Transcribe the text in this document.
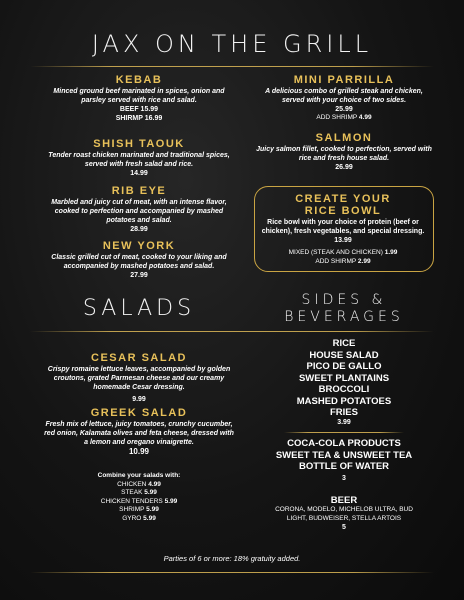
JAX ON THE GRILL

KEBAB

Minced ground beef marinated in spices, onion and parsley served with rice and salad.

BEEF 15.99
SHIRMP 16.99

SHISH TAOUK

Tender roast chicken marinated and traditional spices, served with fresh salad and rice.

14.99

RIB EYE

Marbled and juicy cut of meat, with an intense flavor, cooked to perfection and accompanied by mashed potatoes and salad.

28.99

NEW YORK

Classic grilled cut of meat, cooked to your liking and accompanied by mashed potatoes and salad.

27.99

MINI PARRILLA

A delicious combo of grilled steak and chicken, served with your choice of two sides.

25.99
ADD SHRIMP 4.99

SALMON

Juicy salmon fillet, cooked to perfection, served with rice and fresh house salad.

26.99

CREATE YOUR

RICE BOWL

Rice bowl with your choice of protein (beef or chicken), fresh vegetables, and special dressing.

13.99
MIXED (STEAK AND CHICKEN) 1.99
ADD SHIRMP 2.99
SALADS	SIDES &
BEVERAGES

CESAR SALAD

Crispy romaine lettuce leaves, accompanied by golden croutons, grated Parmesan cheese and our creamy homemade Cesar dressing.

9.99

GREEK SALAD

Fresh mix of lettuce, juicy tomatoes, crunchy cucumber, red onion, Kalamata olives and feta cheese, dressed with a lemon and oregano vinaigrette.

10.99
Combine your salads with:
CHICKEN 4.99
STEAK 5.99
CHICKEN TENDERS 5.99
SHRIMP 5.99
GYRO 5.99
RICE
HOUSE SALAD
PICO DE GALLO
SWEET PLANTAINS
BROCCOLI
MASHED POTATOES
FRIES
3.99
COCA-COLA PRODUCTS
SWEET TEA & UNSWEET TEA
BOTTLE OF WATER
3
BEER
CORONA, MODELO, MICHELOB ULTRA, BUD LIGHT, BUDWEISER, STELLA ARTOIS
5
Parties of 6 or more: 18% gratuity added.
